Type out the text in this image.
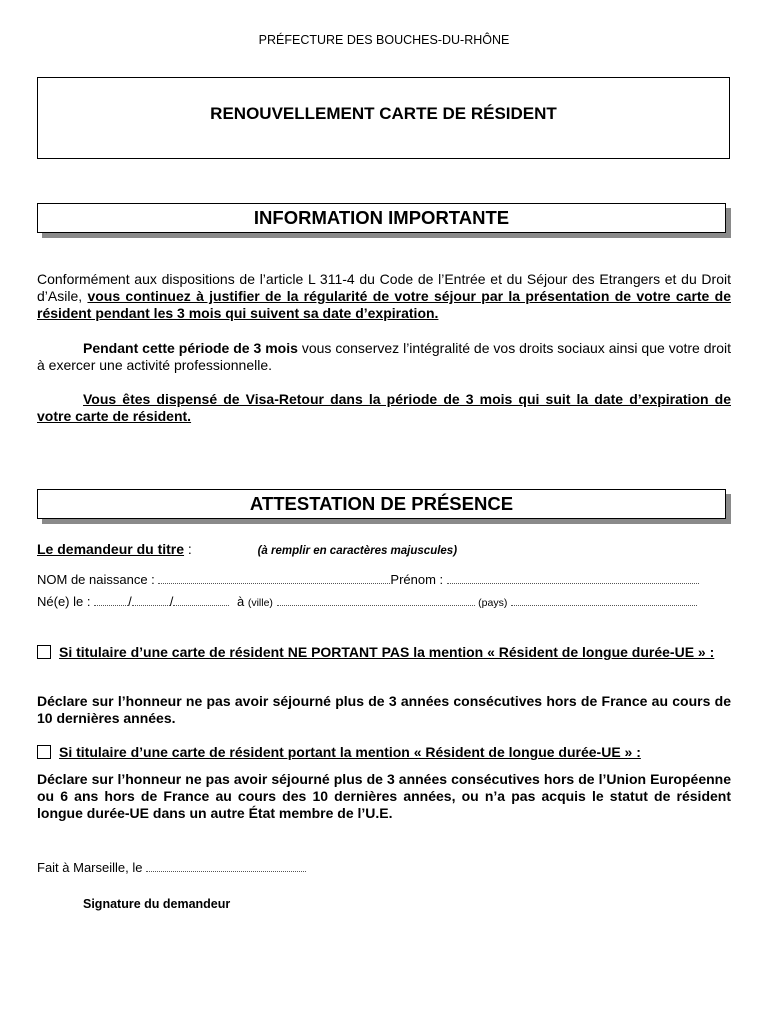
PRÉFECTURE DES BOUCHES-DU-RHÔNE
RENOUVELLEMENT CARTE DE RÉSIDENT
INFORMATION IMPORTANTE
Conformément aux dispositions de l’article L 311-4 du Code de l’Entrée et du Séjour des Etrangers et du Droit d’Asile, vous continuez à justifier de la régularité de votre séjour par la présentation de votre carte de résident pendant les 3 mois qui suivent sa date d’expiration.
Pendant cette période de 3 mois vous conservez l’intégralité de vos droits sociaux ainsi que votre droit à exercer une activité professionnelle.
Vous êtes dispensé de Visa-Retour dans la période de 3 mois qui suit la date d’expiration de votre carte de résident.
ATTESTATION DE PRÉSENCE
Le demandeur du titre :	(à remplir en caractères majuscules)
NOM de naissance :	Prénom :
Né(e) le :	/	/	à (ville)	(pays)
Si titulaire d’une carte de résident NE PORTANT PAS la mention « Résident de longue durée-UE » :
Déclare sur l’honneur ne pas avoir séjourné plus de 3 années consécutives hors de France au cours de 10 dernières années.
Si titulaire d’une carte de résident portant la mention « Résident de longue durée-UE » :
Déclare sur l’honneur ne pas avoir séjourné plus de 3 années consécutives hors de l’Union Européenne ou 6 ans hors de France au cours des 10 dernières années, ou n’a pas acquis le statut de résident longue durée-UE dans un autre État membre de l’U.E.
Fait à Marseille, le
Signature du demandeur
